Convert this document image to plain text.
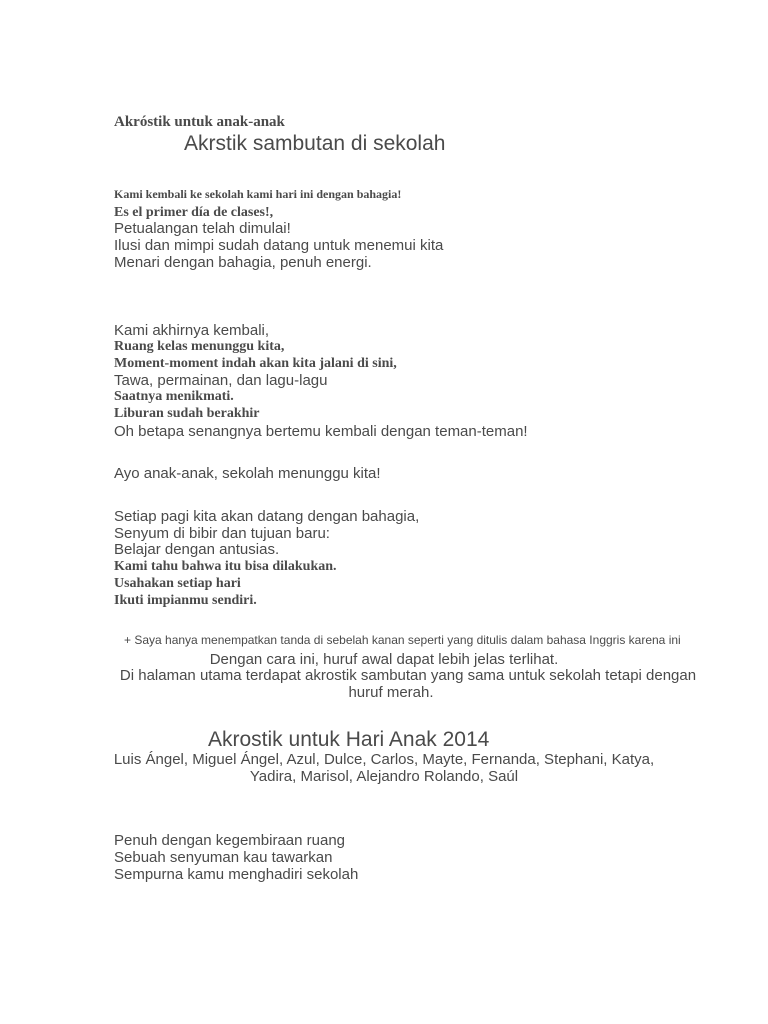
Akróstik untuk anak-anak
Akrstik sambutan di sekolah
Kami kembali ke sekolah kami hari ini dengan bahagia!
Es el primer día de clases!,
Petualangan telah dimulai!
Ilusi dan mimpi sudah datang untuk menemui kita
Menari dengan bahagia, penuh energi.
Kami akhirnya kembali,
Ruang kelas menunggu kita,
Moment-moment indah akan kita jalani di sini,
Tawa, permainan, dan lagu-lagu
Saatnya menikmati.
Liburan sudah berakhir
Oh betapa senangnya bertemu kembali dengan teman-teman!
Ayo anak-anak, sekolah menunggu kita!
Setiap pagi kita akan datang dengan bahagia,
Senyum di bibir dan tujuan baru:
Belajar dengan antusias.
Kami tahu bahwa itu bisa dilakukan.
Usahakan setiap hari
Ikuti impianmu sendiri.
+ Saya hanya menempatkan tanda di sebelah kanan seperti yang ditulis dalam bahasa Inggris karena ini
Dengan cara ini, huruf awal dapat lebih jelas terlihat.
Di halaman utama terdapat akrostik sambutan yang sama untuk sekolah tetapi dengan
huruf merah.
Akrostik untuk Hari Anak 2014
Luis Ángel, Miguel Ángel, Azul, Dulce, Carlos, Mayte, Fernanda, Stephani, Katya,
Yadira, Marisol, Alejandro Rolando, Saúl
Penuh dengan kegembiraan ruang
Sebuah senyuman kau tawarkan
Sempurna kamu menghadiri sekolah
